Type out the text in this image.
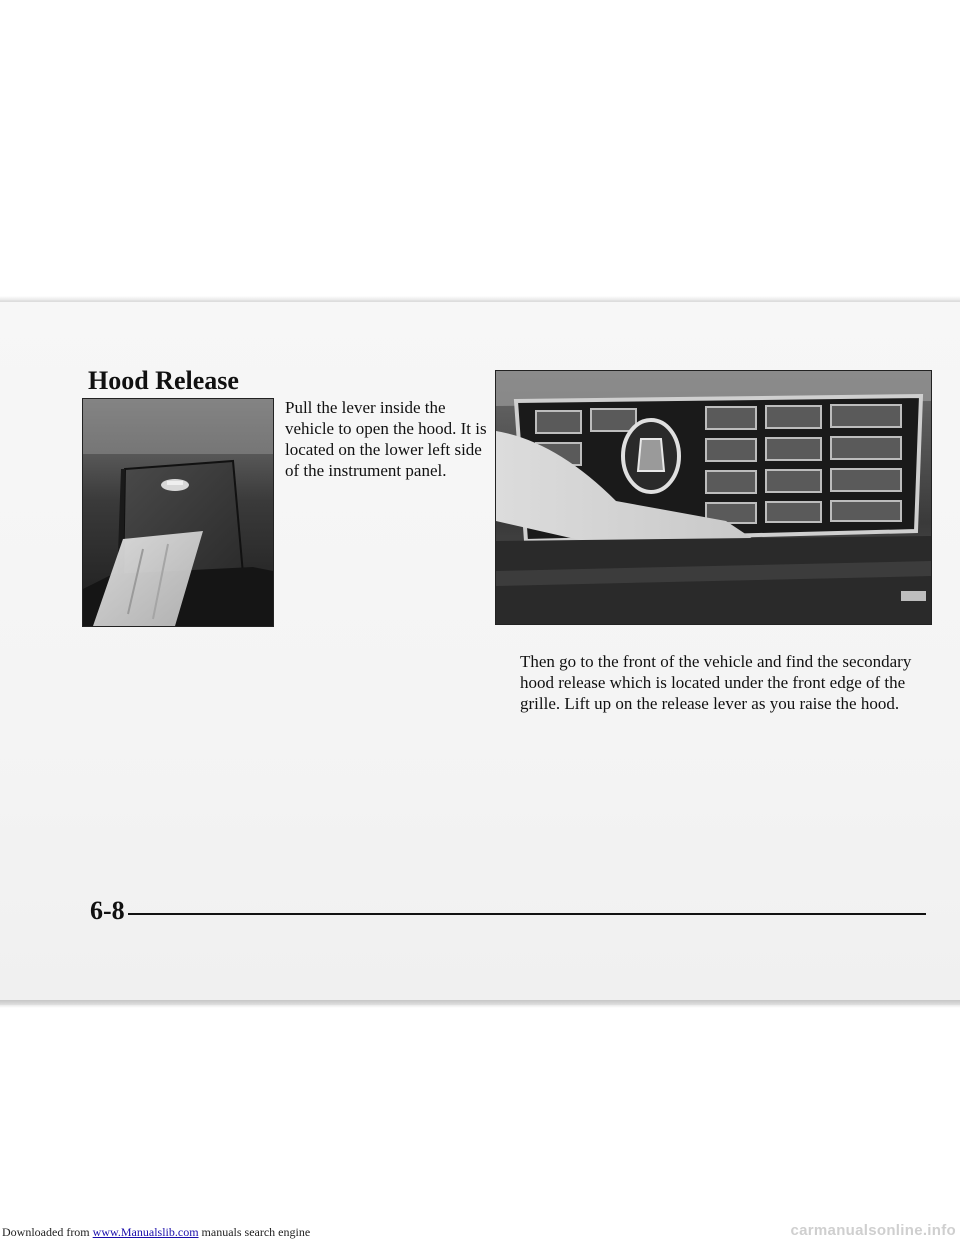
Hood Release
Pull the lever inside the vehicle to open the hood. It is located on the lower left side of the instrument panel.
Then go to the front of the vehicle and find the secondary hood release which is located under the front edge of the grille. Lift up on the release lever as you raise the hood.
6-8
Downloaded from www.Manualslib.com manuals search engine	carmanualsonline.info
